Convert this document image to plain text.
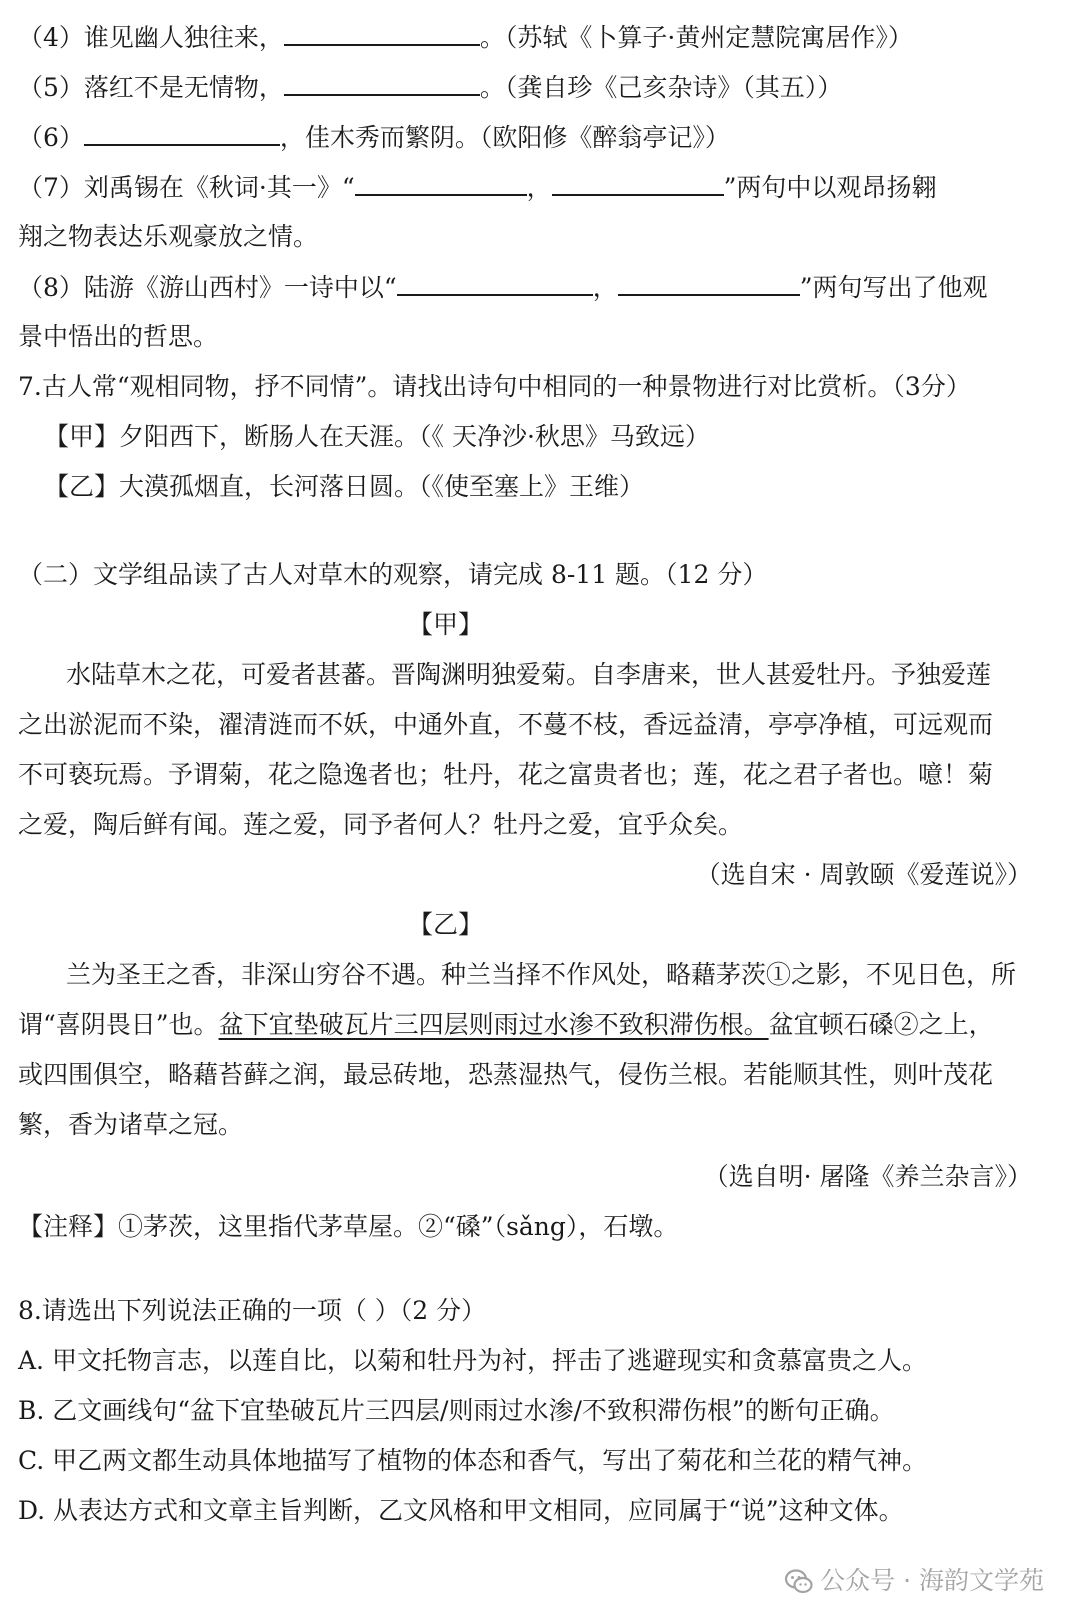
（4）谁见幽人独往来，	。（苏轼《卜算子·黄州定慧院寓居作》）
（5）落红不是无情物，	。（龚自珍《己亥杂诗》（其五））
（6）	，佳木秀而繁阴。（欧阳修《醉翁亭记》）
（7）刘禹锡在《秋词·其一》“	，	”两句中以观昂扬翱
翔之物表达乐观豪放之情。
（8）陆游《游山西村》一诗中以“	，	”两句写出了他观
景中悟出的哲思。
7.古人常“观相同物，抒不同情”。请找出诗句中相同的一种景物进行对比赏析。（3分）
【甲】夕阳西下，断肠人在天涯。（《 天净沙·秋思》马致远）
【乙】大漠孤烟直，长河落日圆。（《使至塞上》王维）
（二）文学组品读了古人对草木的观察，请完成 8-11 题。（12 分）
【甲】
水陆草木之花，可爱者甚蕃。晋陶渊明独爱菊。自李唐来，世人甚爱牡丹。予独爱莲
之出淤泥而不染，濯清涟而不妖，中通外直，不蔓不枝，香远益清，亭亭净植，可远观而
不可亵玩焉。予谓菊，花之隐逸者也；牡丹，花之富贵者也；莲，花之君子者也。噫！菊
之爱，陶后鲜有闻。莲之爱，同予者何人？牡丹之爱，宜乎众矣。
（选自宋 · 周敦颐《爱莲说》）
【乙】
兰为圣王之香，非深山穷谷不遇。种兰当择不作风处，略藉茅茨①之影，不见日色，所
谓“喜阴畏日”也。盆下宜垫破瓦片三四层则雨过水渗不致积滞伤根。盆宜顿石磉②之上，
或四围俱空，略藉苔藓之润，最忌砖地，恐蒸湿热气，侵伤兰根。若能顺其性，则叶茂花
繁，香为诸草之冠。
（选自明· 屠隆《养兰杂言》）
【注释】①茅茨，这里指代茅草屋。②“磉”（sǎng），石墩。
8.请选出下列说法正确的一项（ ）（2 分）
A. 甲文托物言志，以莲自比，以菊和牡丹为衬，抨击了逃避现实和贪慕富贵之人。
B. 乙文画线句“盆下宜垫破瓦片三四层/则雨过水渗/不致积滞伤根”的断句正确。
C. 甲乙两文都生动具体地描写了植物的体态和香气，写出了菊花和兰花的精气神。
D. 从表达方式和文章主旨判断，乙文风格和甲文相同，应同属于“说”这种文体。
公众号 · 海韵文学苑
